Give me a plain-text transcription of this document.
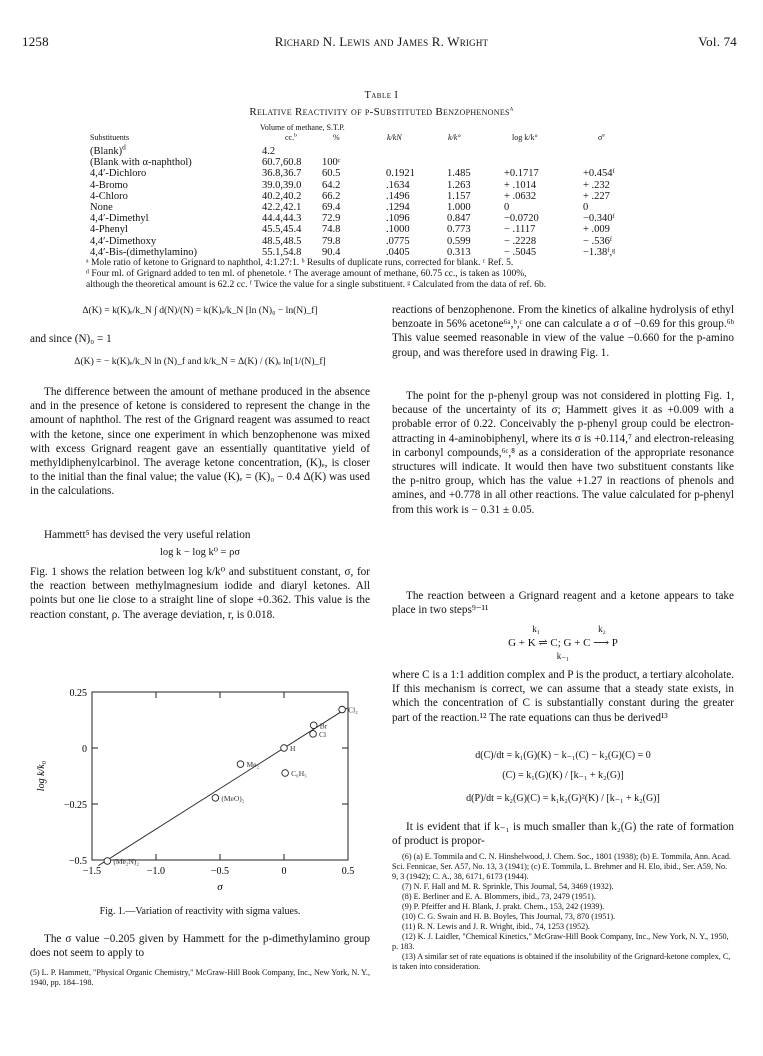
1258	Richard N. Lewis and James R. Wright	Vol. 74
Table I
Relative Reactivity of p-Substituted Benzophenones$^a$
Volume of methane, S.T.P.
Substituents	cc.$^b$	%	k/kN	k/k°	log k/k°	$\sigma^e$
(Blank)$^d$	4.2
(Blank with α-naphthol)	60.7,60.8 100ᶜ
4,4′-Dichloro	36.8,36.7 60.5	0.1921	1.485	+0.1717	+0.454ᶠ
4-Bromo	39.0,39.0 64.2	.1634	1.263	+ .1014	+ .232
4-Chloro	40.2,40.2 66.2	.1496	1.157	+ .0632	+ .227
None	42.2,42.1 69.4	.1294	1.000	0	0
4,4′-Dimethyl	44.4,44.3 72.9	.1096	0.847	−0.0720	−0.340ᶠ
4-Phenyl	45.5,45.4 74.8	.1000	0.773	− .1117	+ .009
4,4′-Dimethoxy	48.5,48.5 79.8	.0775	0.599	− .2228	− .536ᶠ
4,4′-Bis-(dimethylamino)	55.1,54.8 90.4	.0405	0.313	− .5045	−1.38ᶠ,ᵍ
ᵃ Mole ratio of ketone to Grignard to naphthol, 4:1.27:1. ᵇ Results of duplicate runs, corrected for blank. ᶜ Ref. 5.
ᵈ Four ml. of Grignard added to ten ml. of phenetole. ᵉ The average amount of methane, 60.75 cc., is taken as 100%,
although the theoretical amount is 62.2 cc. ᶠ Twice the value for a single substituent. ᵍ Calculated from the data of ref. 6b.
Δ(K) = k(K)ₑ/k_N ∫ d(N)/(N) = k(K)ₑ/k_N [ln (N)₀ − ln(N)_f]
and since (N)₀ = 1
Δ(K) = − k(K)ₑ/k_N ln (N)_f and k/k_N = Δ(K) / (K)ₑ ln[1/(N)_f]

The difference between the amount of methane produced in the absence and in the presence of ketone is considered to represent the change in the amount of naphthol. The rest of the Grignard reagent was assumed to react with the ketone, since one experiment in which benzophenone was mixed with excess Grignard reagent gave an essentially quantitative yield of methyldiphenylcarbinol. The average ketone concentration, (K)ₑ, is closer to the initial than the final value; the value (K)ₑ = (K)₀ − 0.4 Δ(K) was used in the calculations.

Hammett⁵ has devised the very useful relation

log k − log k⁰ = ρσ

Fig. 1 shows the relation between log k/k⁰ and substituent constant, σ, for the reaction between methylmagnesium iodide and diaryl ketones. All points but one lie close to a straight line of slope +0.362. This value is the reaction constant, ρ. The average deviation, r, is 0.018.

−1.5	−1.0	−0.5	0	0.5
0.25
0
−0.25
−0.5
Cl₂
Br
Cl
H
Me₂
C₆H₅
(MeO)₂
(Me₂N)₂
σ
log k/k₀
Fig. 1.—Variation of reactivity with sigma values.

The σ value −0.205 given by Hammett for the p-dimethylamino group does not seem to apply to

(5) L. P. Hammett, "Physical Organic Chemistry," McGraw-Hill Book Company, Inc., New York, N. Y., 1940, pp. 184–198.

reactions of benzophenone. From the kinetics of alkaline hydrolysis of ethyl benzoate in 56% acetone⁶ᵃ,ᵇ,ᶜ one can calculate a σ of −0.69 for this group.⁶ᵇ This value seemed reasonable in view of the value −0.660 for the p-amino group, and was therefore used in drawing Fig. 1.

The point for the p-phenyl group was not considered in plotting Fig. 1, because of the uncertainty of its σ; Hammett gives it as +0.009 with a probable error of 0.22. Conceivably the p-phenyl group could be electron-attracting in 4-aminobiphenyl, where its σ is +0.114,⁷ and electron-releasing in carbonyl compounds,⁶ᶜ,⁸ as a consideration of the appropriate resonance structures will indicate. It would then have two substituent constants like the p-nitro group, which has the value +1.27 in reactions of phenols and amines, and +0.778 in all other reactions. The value calculated for p-phenyl from this work is − 0.31 ± 0.05.

The reaction between a Grignard reagent and a ketone appears to take place in two steps⁹⁻¹¹

k₁	k₂
G + K ⇌ C; G + C ⟶ P
k₋₁

where C is a 1:1 addition complex and P is the product, a tertiary alcoholate. If this mechanism is correct, we can assume that a steady state exists, in which the concentration of C is substantially constant during the greater part of the reaction.¹² The rate equations can thus be derived¹³

d(C)/dt = k₁(G)(K) − k₋₁(C) − k₂(G)(C) = 0
(C) = k₁(G)(K) / [k₋₁ + k₂(G)]
d(P)/dt = k₂(G)(C) = k₁k₂(G)²(K) / [k₋₁ + k₂(G)]

It is evident that if k₋₁ is much smaller than k₂(G) the rate of formation of product is propor-

(6) (a) E. Tommila and C. N. Hinshelwood, J. Chem. Soc., 1801 (1938); (b) E. Tommila, Ann. Acad. Sci. Fennicae, Ser. A57, No. 13, 3 (1941); (c) E. Tommila, L. Brehmer and H. Elo, ibid., Ser. A59, No. 9, 3 (1942); C. A., 38, 6171, 6173 (1944).
(7) N. F. Hall and M. R. Sprinkle, This Journal, 54, 3469 (1932).
(8) E. Berliner and E. A. Blommers, ibid., 73, 2479 (1951).
(9) P. Pfeiffer and H. Blank, J. prakt. Chem., 153, 242 (1939).
(10) C. G. Swain and H. B. Boyles, This Journal, 73, 870 (1951).
(11) R. N. Lewis and J. R. Wright, ibid., 74, 1253 (1952).
(12) K. J. Laidler, "Chemical Kinetics," McGraw-Hill Book Company, Inc., New York, N. Y., 1950, p. 183.
(13) A similar set of rate equations is obtained if the insolubility of the Grignard-ketone complex, C, is taken into consideration.
